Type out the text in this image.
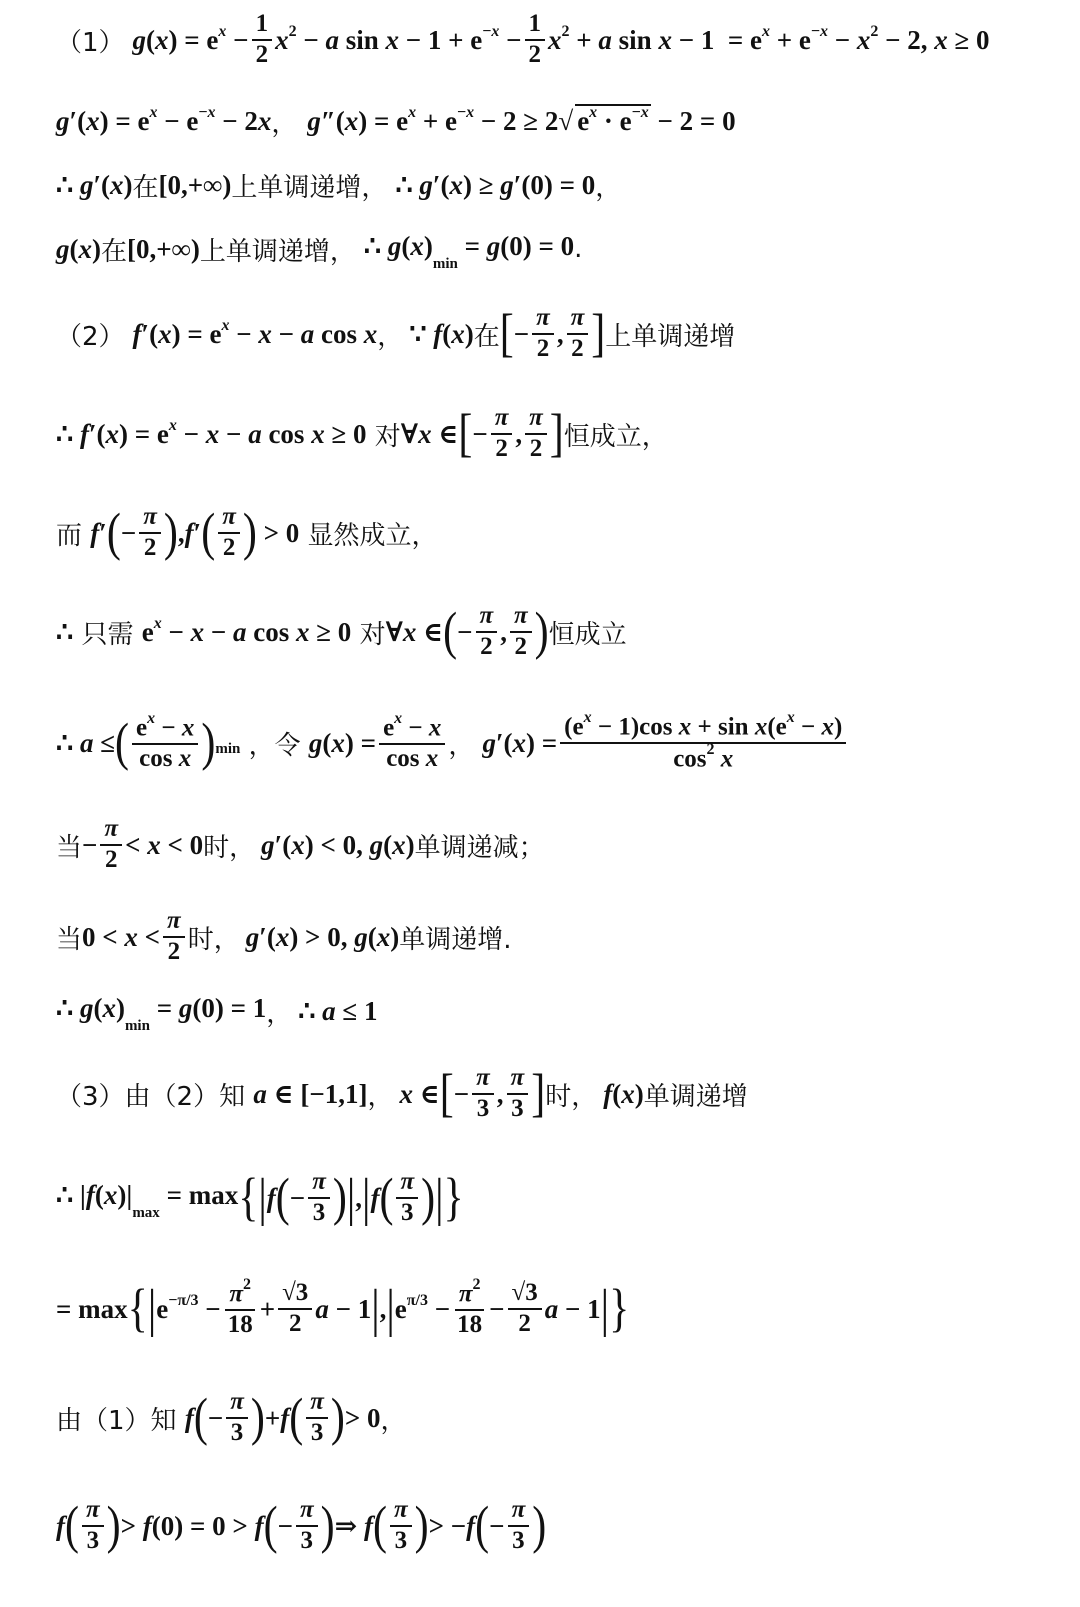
（1） $g(x) = e^x - \frac{1}{2} x^2 - a$ $\sin x - 1 + e^{-x} - \frac{1}{2} x^2 + a$ $\sin x - 1 = e^x + e^{-x} - x^2 - 2$, x ≥ 0
$g'(x) = e^x - e^{-x} - 2x$ ， $g''(x) = e^x + e^{-x} - 2 \ge 2√$ $e^x \cdot e^{-x} - 2 = 0$
∴ g′(x) 在 [0,+∞) 上单调递增， ∴ g′(x) ≥ g′(0) = 0 ，
g(x) 在 [0,+∞) 上单调递增， ∴ $g(x)_{min} = g(0) = 0$ .
（2） $f'(x) = e^x - x - a$ cos x ， ∵ f(x) 在 [ − $\frac{\pi}{2}$ , $\frac{\pi}{2}$ ] 上单调递增
∴ $f'(x) = e^x - x - a$ cos x ≥ 0 对 ∀x ∈ [ − $\frac{\pi}{2}$ , $\frac{\pi}{2}$ ] 恒成立，
而 f ′ ( − $\frac{\pi}{2}$ ) , f ′ ( $\frac{\pi}{2}$ ) > 0 显然成立，
∴ 只需 $e^x - x - a$ cos x ≥ 0 对 ∀x ∈ ( − $\frac{\pi}{2}$ , $\frac{\pi}{2}$ ) 恒成立
∴ a ≤ ( $\frac{e^x - x}{\text{cos x}} )_{min}$ ，令 $g(x) = \frac{e^x - x}{\text{cos x}}$ ， $g'(x) = \frac{(e^x - 1)\cos x + \sin x(e^x - x)}{\cos^2 x}$
当 − $\frac{\pi}{2} < x < 0$ 时， g′(x) < 0, g(x) 单调递减；
当 $0 < x < \frac{\pi}{2}$ 时， g′(x) > 0, g(x) 单调递增.
∴ $g(x)_{min} = g(0) = 1$ ， ∴ a ≤ 1
（3） 由（2）知 a ∈ [−1,1] ， x ∈ [ − $\frac{\pi}{3}$ , $\frac{\pi}{3}$ ] 时， f(x) 单调递增
∴ $|f(x)|_{max} = \max$ { | f ( − $\frac{\pi}{3}$ ) | , | f ( $\frac{\pi}{3}$ ) | }
= max { | $e^{-\pi/3} - \frac{\pi^2}{18} + \frac{√3}{2}$ a − 1 | , | $e^{\pi/3} - \frac{\pi^2}{18} - \frac{√3}{2}$ a − 1 | }
由（1）知 f ( − $\frac{\pi}{3}$ ) + f ( $\frac{\pi}{3}$ ) > 0 ，
f ( $\frac{\pi}{3}$ ) > f(0) = 0 > f ( − $\frac{\pi}{3}$ ) ⇒ f ( $\frac{\pi}{3}$ ) > −f ( − $\frac{\pi}{3}$ )
